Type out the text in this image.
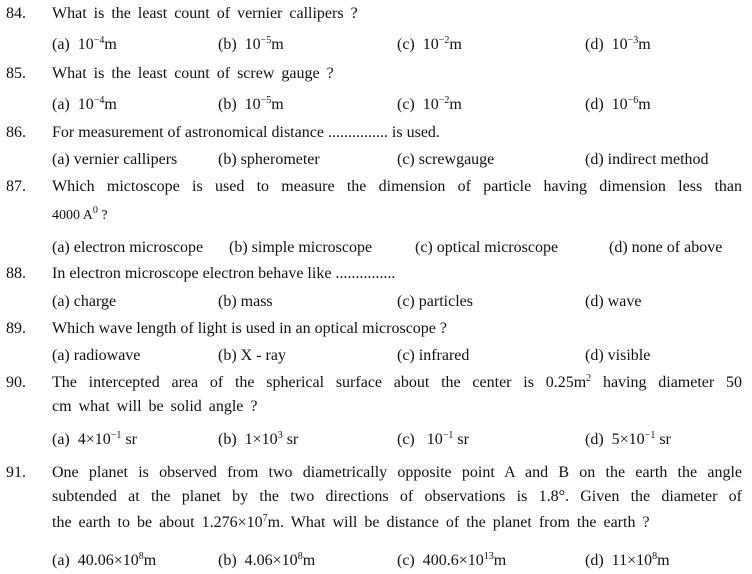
84. What is the least count of vernier callipers ?
(a) $10^{-4}m$	(b) $10^{-5}m$	(c) $10^{-2}m$	(d) $10^{-3}m$
85. What is the least count of screw gauge ?
(a) $10^{-4}m$	(b) $10^{-5}m$	(c) $10^{-2}m$	(d) $10^{-6}m$
86. For measurement of astronomical distance ............... is used.
(a) vernier callipers	(b) spherometer	(c) screwgauge	(d) indirect method
87. Which mictoscope is used to measure the dimension of particle having dimension less than
4000 $A^0$ ?
(a) electron microscope (b) simple microscope	(c) optical microscope	(d) none of above
88. In electron microscope electron behave like ...............
(a) charge	(b) mass	(c) particles	(d) wave
89. Which wave length of light is used in an optical microscope ?
(a) radiowave	(b) X - ray	(c) infrared	(d) visible
90. The intercepted area of the spherical surface about the center is $0.25m^2$ having diameter 50
cm what will be solid angle ?
(a) $4\times 10^{-1}$ sr	(b) $1\times 10^3$ sr	(c) $10^{-1}$ sr	(d) $5\times 10^{-1}$ sr
91. One planet is observed from two diametrically opposite point A and B on the earth the angle
subtended at the planet by the two directions of observations is 1.8°. Given the diameter of
the earth to be about $1.276\times 10^7m$. What will be distance of the planet from the earth ?
(a) $40.06\times 10^8m$	(b) $4.06\times 10^8m$	(c) $400.6\times 10^{13}m$	(d) $11\times 10^8m$
